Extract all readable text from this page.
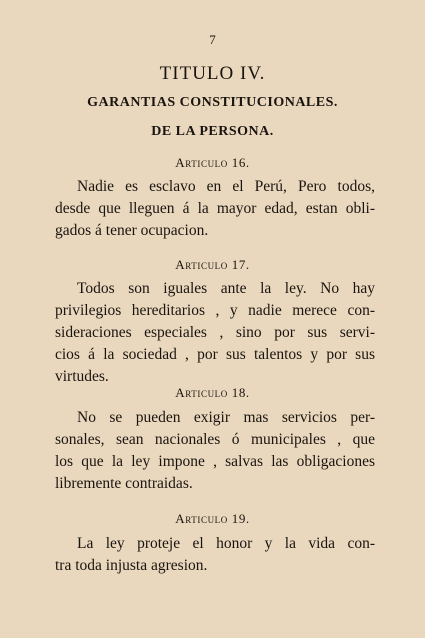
7
TITULO IV.
GARANTIAS CONSTITUCIONALES.
DE LA PERSONA.
Articulo 16.
Nadie es esclavo en el Perú, Pero todos,
desde que lleguen á la mayor edad, estan obli-
gados á tener ocupacion.
Articulo 17.
Todos son iguales ante la ley. No hay
privilegios hereditarios , y nadie merece con-
sideraciones especiales , sino por sus servi-
cios á la sociedad , por sus talentos y por sus
virtudes.
Articulo 18.
No se pueden exigir mas servicios per-
sonales, sean nacionales ó municipales , que
los que la ley impone , salvas las obligaciones
libremente contraidas.
Articulo 19.
La ley proteje el honor y la vida con-
tra toda injusta agresion.
